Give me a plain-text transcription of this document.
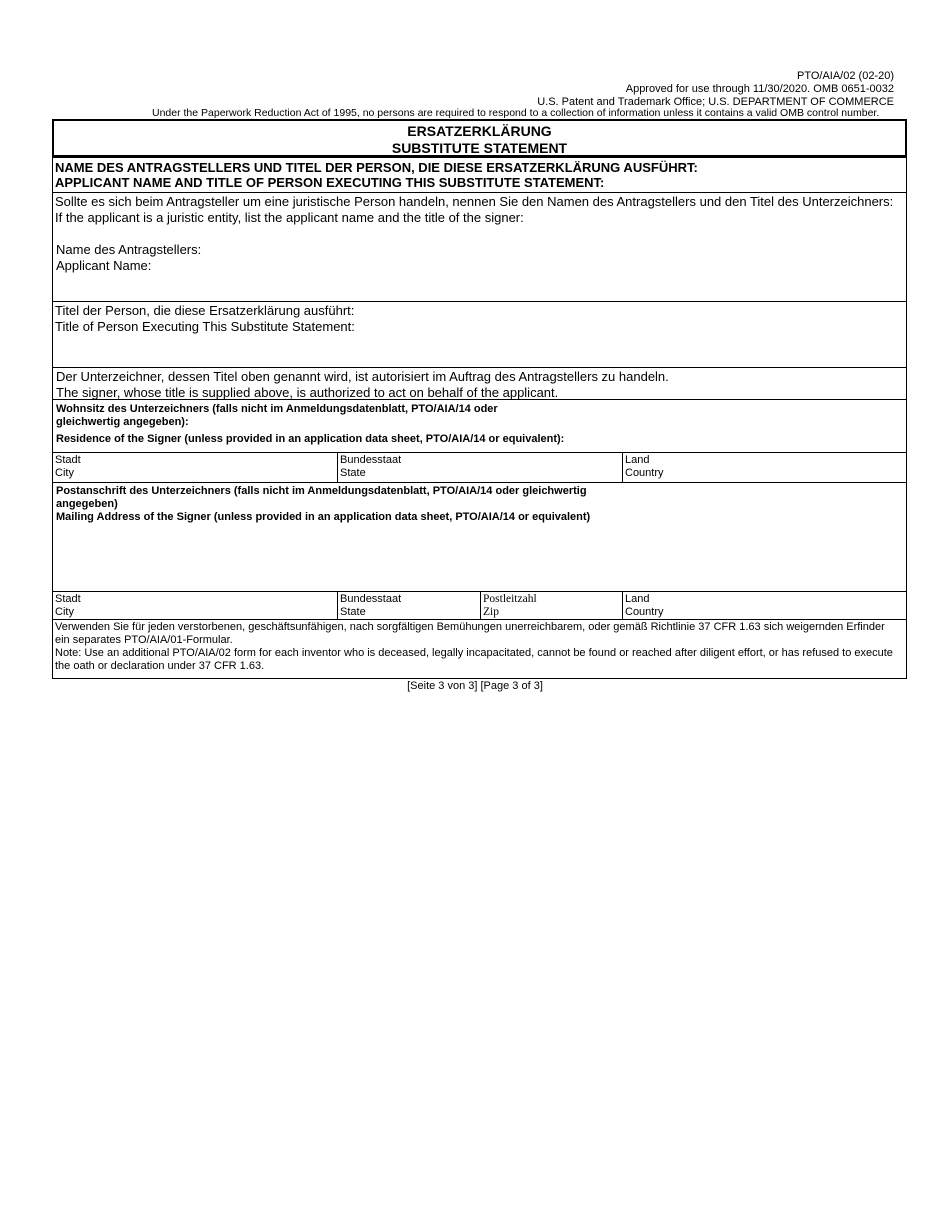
PTO/AIA/02 (02-20)
Approved for use through 11/30/2020. OMB 0651-0032
U.S. Patent and Trademark Office; U.S. DEPARTMENT OF COMMERCE
Under the Paperwork Reduction Act of 1995, no persons are required to respond to a collection of information unless it contains a valid OMB control number.
ERSATZERKLÄRUNG
SUBSTITUTE STATEMENT
NAME DES ANTRAGSTELLERS UND TITEL DER PERSON, DIE DIESE ERSATZERKLÄRUNG AUSFÜHRT:
APPLICANT NAME AND TITLE OF PERSON EXECUTING THIS SUBSTITUTE STATEMENT:
Sollte es sich beim Antragsteller um eine juristische Person handeln, nennen Sie den Namen des Antragstellers und den Titel des Unterzeichners:
If the applicant is a juristic entity, list the applicant name and the title of the signer:
Name des Antragstellers:
Applicant Name:
Titel der Person, die diese Ersatzerklärung ausführt:
Title of Person Executing This Substitute Statement:
Der Unterzeichner, dessen Titel oben genannt wird, ist autorisiert im Auftrag des Antragstellers zu handeln.
The signer, whose title is supplied above, is authorized to act on behalf of the applicant.
Wohnsitz des Unterzeichners (falls nicht im Anmeldungsdatenblatt, PTO/AIA/14 oder
gleichwertig angegeben):
Residence of the Signer (unless provided in an application data sheet, PTO/AIA/14 or equivalent):
Stadt
City
Bundesstaat
State
Land
Country
Postanschrift des Unterzeichners (falls nicht im Anmeldungsdatenblatt, PTO/AIA/14 oder gleichwertig
angegeben)
Mailing Address of the Signer (unless provided in an application data sheet, PTO/AIA/14 or equivalent)
Stadt
City
Bundesstaat
State
Postleitzahl
Zip
Land
Country
Verwenden Sie für jeden verstorbenen, geschäftsunfähigen, nach sorgfältigen Bemühungen unerreichbarem, oder gemäß Richtlinie 37 CFR 1.63 sich weigernden Erfinder ein separates PTO/AIA/01-Formular.
Note: Use an additional PTO/AIA/02 form for each inventor who is deceased, legally incapacitated, cannot be found or reached after diligent effort, or has refused to execute the oath or declaration under 37 CFR 1.63.
[Seite 3 von 3] [Page 3 of 3]
